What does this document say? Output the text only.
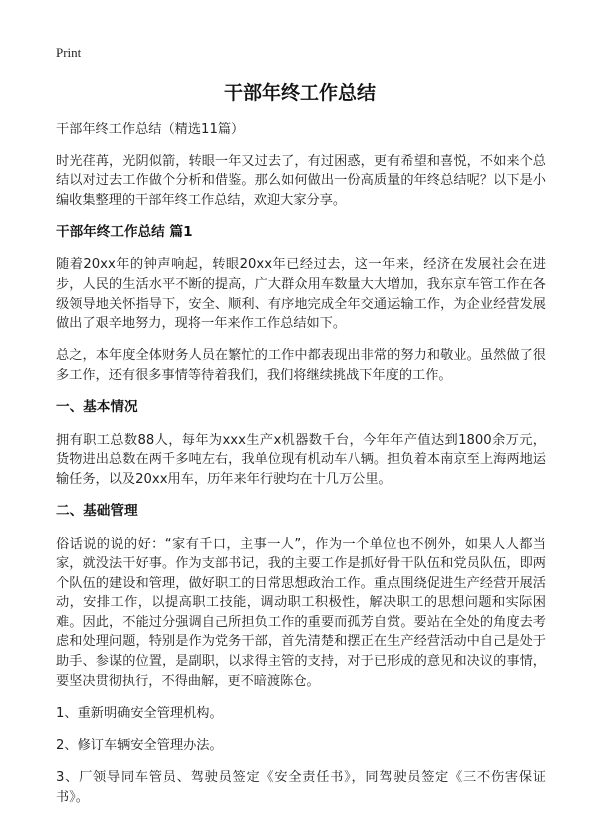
Print
干部年终工作总结

干部年终工作总结（精选11篇）

时光荏苒，光阴似箭，转眼一年又过去了，有过困惑，更有希望和喜悦，不如来个总结以对过去工作做个分析和借鉴。那么如何做出一份高质量的年终总结呢？以下是小编收集整理的干部年终工作总结，欢迎大家分享。

干部年终工作总结 篇1

随着20xx年的钟声响起，转眼20xx年已经过去，这一年来，经济在发展社会在进步，人民的生活水平不断的提高，广大群众用车数量大大增加，我东京车管工作在各级领导地关怀指导下，安全、顺利、有序地完成全年交通运输工作，为企业经营发展做出了艰辛地努力，现将一年来作工作总结如下。

总之，本年度全体财务人员在繁忙的工作中都表现出非常的努力和敬业。虽然做了很多工作，还有很多事情等待着我们，我们将继续挑战下年度的工作。

一、基本情况

拥有职工总数88人，每年为xxx生产x机器数千台，今年年产值达到1800余万元，货物进出总数在两千多吨左右，我单位现有机动车八辆。担负着本南京至上海两地运输任务，以及20xx用车，历年来年行驶均在十几万公里。

二、基础管理

俗话说的说的好：“家有千口，主事一人”，作为一个单位也不例外，如果人人都当家，就没法干好事。作为支部书记，我的主要工作是抓好骨干队伍和党员队伍，即两个队伍的建设和管理，做好职工的日常思想政治工作。重点围绕促进生产经营开展活动，安排工作，以提高职工技能，调动职工积极性，解决职工的思想问题和实际困难。因此，不能过分强调自己所担负工作的重要而孤芳自赏。要站在全处的角度去考虑和处理问题，特别是作为党务干部，首先清楚和摆正在生产经营活动中自己是处于助手、参谋的位置，是副职，以求得主管的支持，对于已形成的意见和决议的事情，要坚决贯彻执行，不得曲解，更不暗渡陈仓。

1、重新明确安全管理机构。

2、修订车辆安全管理办法。

3、厂领导同车管员、驾驶员签定《安全责任书》，同驾驶员签定《三不伤害保证书》。
